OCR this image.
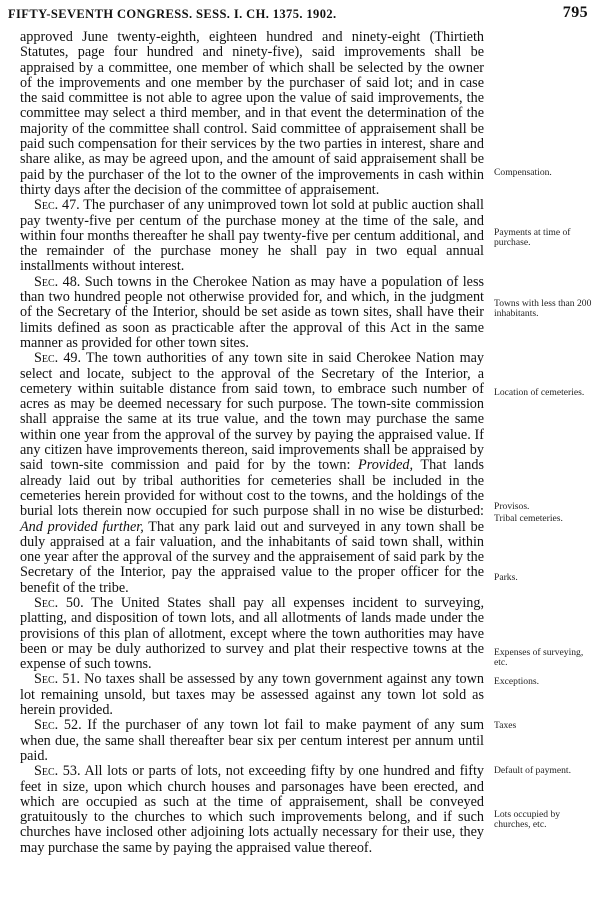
FIFTY-SEVENTH CONGRESS. SESS. I. CH. 1375. 1902.	795

approved June twenty-eighth, eighteen hundred and ninety-eight (Thirtieth Statutes, page four hundred and ninety-five), said improvements shall be appraised by a committee, one member of which shall be selected by the owner of the improvements and one member by the purchaser of said lot; and in case the said committee is not able to agree upon the value of said improvements, the committee may select a third member, and in that event the determination of the majority of the committee shall control. Said committee of appraisement shall be paid such compensation for their services by the two parties in interest, share and share alike, as may be agreed upon, and the amount of said appraisement shall be paid by the purchaser of the lot to the owner of the improvements in cash within thirty days after the decision of the committee of appraisement.

Sec. 47. The purchaser of any unimproved town lot sold at public auction shall pay twenty-five per centum of the purchase money at the time of the sale, and within four months thereafter he shall pay twenty-five per centum additional, and the remainder of the purchase money he shall pay in two equal annual installments without interest.

Sec. 48. Such towns in the Cherokee Nation as may have a population of less than two hundred people not otherwise provided for, and which, in the judgment of the Secretary of the Interior, should be set aside as town sites, shall have their limits defined as soon as practicable after the approval of this Act in the same manner as provided for other town sites.

Sec. 49. The town authorities of any town site in said Cherokee Nation may select and locate, subject to the approval of the Secretary of the Interior, a cemetery within suitable distance from said town, to embrace such number of acres as may be deemed necessary for such purpose. The town-site commission shall appraise the same at its true value, and the town may purchase the same within one year from the approval of the survey by paying the appraised value. If any citizen have improvements thereon, said improvements shall be appraised by said town-site commission and paid for by the town: Provided, That lands already laid out by tribal authorities for cemeteries shall be included in the cemeteries herein provided for without cost to the towns, and the holdings of the burial lots therein now occupied for such purpose shall in no wise be disturbed: And provided further, That any park laid out and surveyed in any town shall be duly appraised at a fair valuation, and the inhabitants of said town shall, within one year after the approval of the survey and the appraisement of said park by the Secretary of the Interior, pay the appraised value to the proper officer for the benefit of the tribe.

Sec. 50. The United States shall pay all expenses incident to surveying, platting, and disposition of town lots, and all allotments of lands made under the provisions of this plan of allotment, except where the town authorities may have been or may be duly authorized to survey and plat their respective towns at the expense of such towns.

Sec. 51. No taxes shall be assessed by any town government against any town lot remaining unsold, but taxes may be assessed against any town lot sold as herein provided.

Sec. 52. If the purchaser of any town lot fail to make payment of any sum when due, the same shall thereafter bear six per centum interest per annum until paid.

Sec. 53. All lots or parts of lots, not exceeding fifty by one hundred and fifty feet in size, upon which church houses and parsonages have been erected, and which are occupied as such at the time of appraisement, shall be conveyed gratuitously to the churches to which such improvements belong, and if such churches have inclosed other adjoining lots actually necessary for their use, they may purchase the same by paying the appraised value thereof.

Compensation.
Payments at time of purchase.
Towns with less than 200 inhabitants.
Location of cemeteries.
Provisos.
Tribal cemeteries.
Parks.
Expenses of surveying, etc.
Exceptions.
Taxes
Default of payment.
Lots occupied by churches, etc.
